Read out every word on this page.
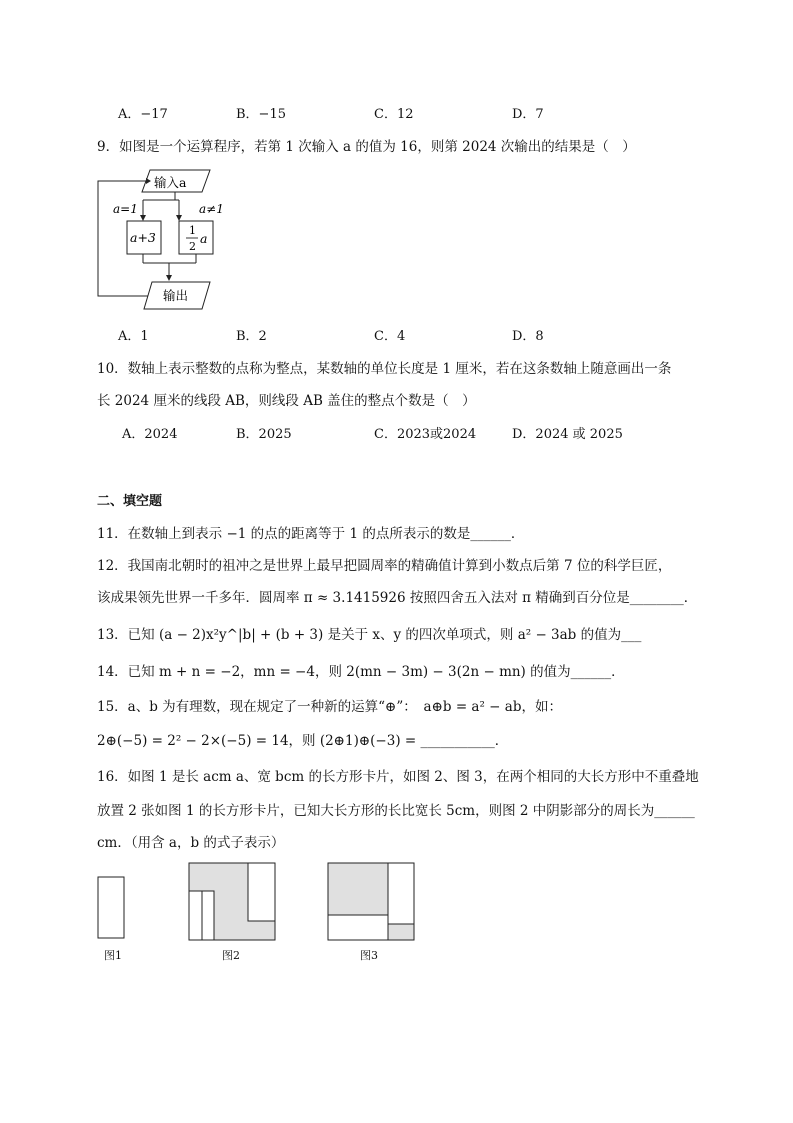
A．−17	B．−15	C．12	D．7
9．如图是一个运算程序，若第 1 次输入 a 的值为 16，则第 2024 次输出的结果是（　）
输入a
a=1	a≠1
a+3	1
2
a
输出
A．1	B．2	C．4	D．8
10．数轴上表示整数的点称为整点，某数轴的单位长度是 1 厘米，若在这条数轴上随意画出一条
长 2024 厘米的线段 AB，则线段 AB 盖住的整点个数是（　）
A．2024	B．2025	C．2023或2024	D．2024 或 2025
二、填空题
11．在数轴上到表示 −1 的点的距离等于 1 的点所表示的数是______．
12．我国南北朝时的祖冲之是世界上最早把圆周率的精确值计算到小数点后第 7 位的科学巨匠，
该成果领先世界一千多年．圆周率 π ≈ 3.1415926 按照四舍五入法对 π 精确到百分位是________．
13．已知 (a − 2)x²y^|b| + (b + 3) 是关于 x、y 的四次单项式，则 a² − 3ab 的值为___
14．已知 m + n = −2，mn = −4，则 2(mn − 3m) − 3(2n − mn) 的值为______．
15．a、b 为有理数，现在规定了一种新的运算“⊕”：　a⊕b = a² − ab，如：
2⊕(−5) = 2² − 2×(−5) = 14，则 (2⊕1)⊕(−3) = ___________．
16．如图 1 是长 acm a、宽 bcm 的长方形卡片，如图 2、图 3，在两个相同的大长方形中不重叠地
放置 2 张如图 1 的长方形卡片，已知大长方形的长比宽长 5cm，则图 2 中阴影部分的周长为______
cm．（用含 a，b 的式子表示）
图1	图2	图3
